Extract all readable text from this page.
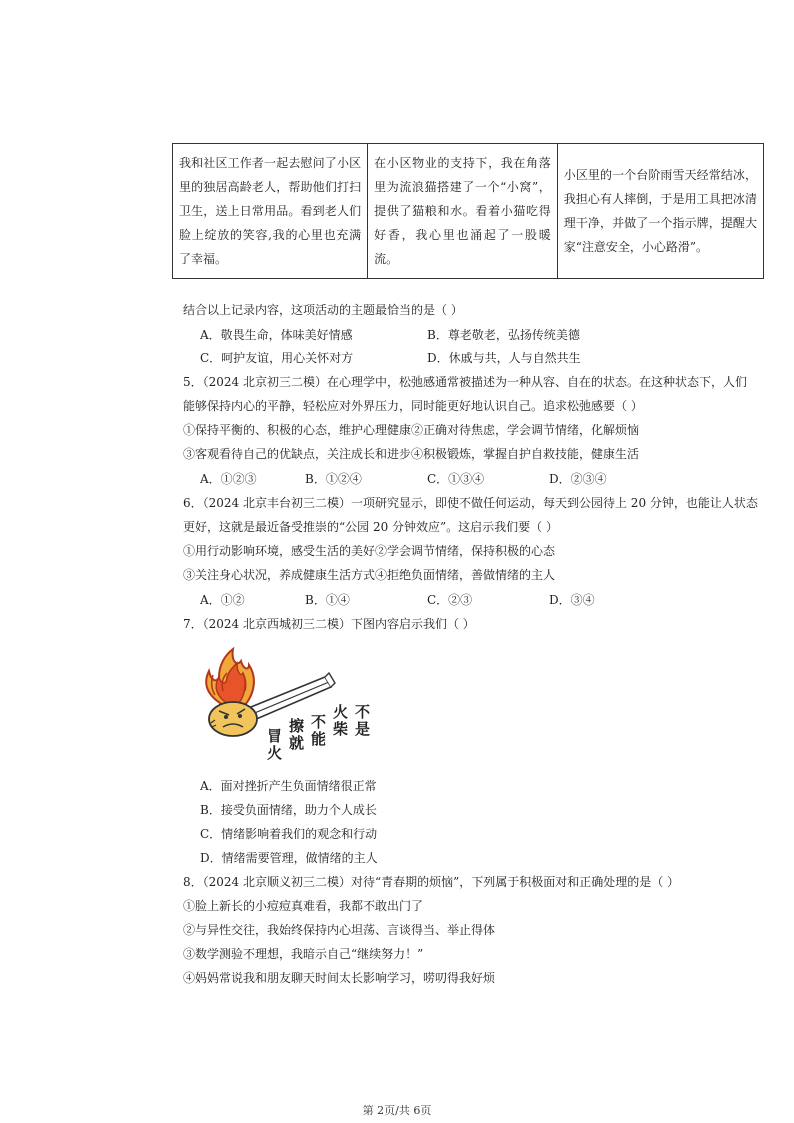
我和社区工作者一起去慰问了小区里的独居高龄老人，帮助他们打扫卫生，送上日常用品。看到老人们脸上绽放的笑容,我的心里也充满了幸福。	在小区物业的支持下，我在角落里为流浪猫搭建了一个“小窝”，提供了猫粮和水。看着小猫吃得好香，我心里也涌起了一股暖流。	小区里的一个台阶雨雪天经常结冰，我担心有人摔倒，于是用工具把冰清理干净，并做了一个指示牌，提醒大家“注意安全，小心路滑”。
结合以上记录内容，这项活动的主题最恰当的是（ ）
A．敬畏生命，体味美好情感	B．尊老敬老，弘扬传统美德
C．呵护友谊，用心关怀对方	D．休戚与共，人与自然共生
5．（2024 北京初三二模）在心理学中，松弛感通常被描述为一种从容、自在的状态。在这种状态下，人们
能够保持内心的平静，轻松应对外界压力，同时能更好地认识自己。追求松弛感要（ ）
①保持平衡的、积极的心态，维护心理健康②正确对待焦虑，学会调节情绪，化解烦恼
③客观看待自己的优缺点，关注成长和进步④积极锻炼，掌握自护自救技能，健康生活
A．①②③	B．①②④	C．①③④	D．②③④
6．（2024 北京丰台初三二模）一项研究显示，即使不做任何运动，每天到公园待上 20 分钟，也能让人状态
更好，这就是最近备受推崇的“公园 20 分钟效应”。这启示我们要（ ）
①用行动影响环境，感受生活的美好②学会调节情绪，保持积极的心态
③关注身心状况，养成健康生活方式④拒绝负面情绪，善做情绪的主人
A．①②	B．①④	C．②③	D．③④
7．（2024 北京西城初三二模）下图内容启示我们（ ）
不是
火柴
不能
擦就
冒火
A．面对挫折产生负面情绪很正常
B．接受负面情绪，助力个人成长
C．情绪影响着我们的观念和行动
D．情绪需要管理，做情绪的主人
8．（2024 北京顺义初三二模）对待“青春期的烦恼”，下列属于积极面对和正确处理的是（ ）
①脸上新长的小痘痘真难看，我都不敢出门了
②与异性交往，我始终保持内心坦荡、言谈得当、举止得体
③数学测验不理想，我暗示自己“继续努力！”
④妈妈常说我和朋友聊天时间太长影响学习，唠叨得我好烦
第 2页/共 6页
